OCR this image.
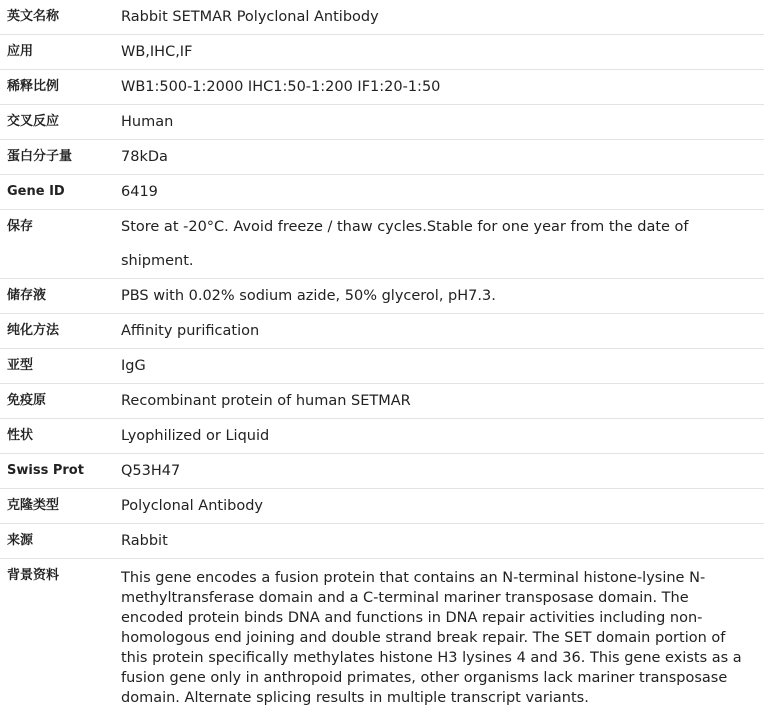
英文名称	Rabbit SETMAR Polyclonal Antibody
应用	WB,IHC,IF
稀释比例	WB1:500-1:2000 IHC1:50-1:200 IF1:20-1:50
交叉反应	Human
蛋白分子量	78kDa
Gene ID	6419
保存	Store at -20°C. Avoid freeze / thaw cycles.Stable for one year from the date of shipment.
储存液	PBS with 0.02% sodium azide, 50% glycerol, pH7.3.
纯化方法	Affinity purification
亚型	IgG
免疫原	Recombinant protein of human SETMAR
性状	Lyophilized or Liquid
Swiss Prot	Q53H47
克隆类型	Polyclonal Antibody
来源	Rabbit
背景资料	This gene encodes a fusion protein that contains an N-terminal histone-lysine N-methyltransferase domain and a C-terminal mariner transposase domain. The encoded protein binds DNA and functions in DNA repair activities including non-homologous end joining and double strand break repair. The SET domain portion of this protein specifically methylates histone H3 lysines 4 and 36. This gene exists as a fusion gene only in anthropoid primates, other organisms lack mariner transposase domain. Alternate splicing results in multiple transcript variants.
